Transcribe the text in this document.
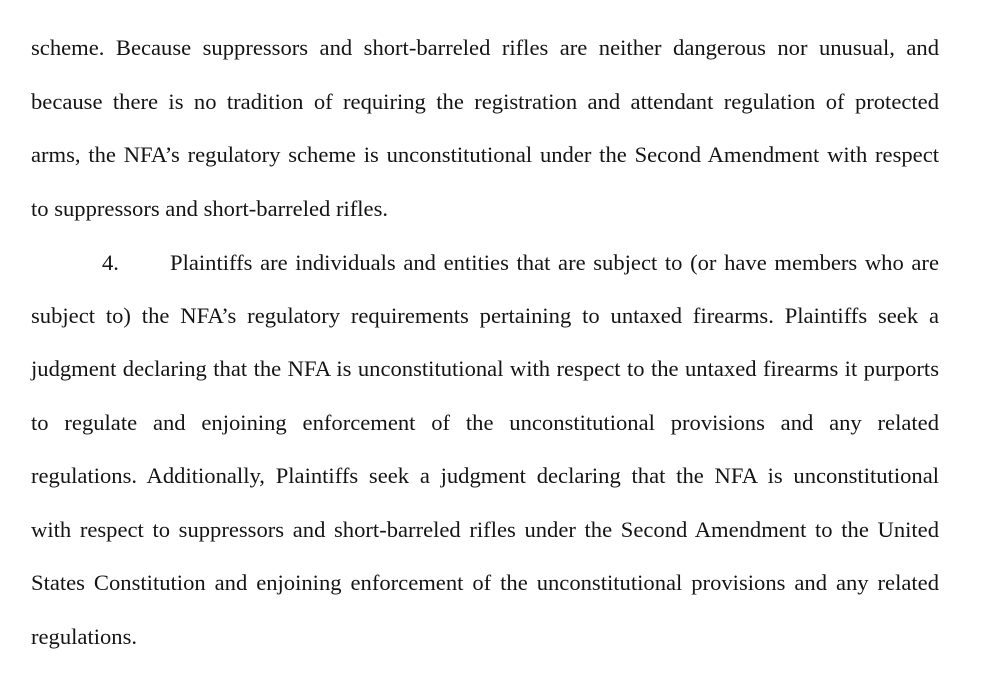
scheme. Because suppressors and short-barreled rifles are neither dangerous nor unusual, and
because there is no tradition of requiring the registration and attendant regulation of protected
arms, the NFA’s regulatory scheme is unconstitutional under the Second Amendment with respect
to suppressors and short-barreled rifles.
4. Plaintiffs are individuals and entities that are subject to (or have members who are
subject to) the NFA’s regulatory requirements pertaining to untaxed firearms. Plaintiffs seek a
judgment declaring that the NFA is unconstitutional with respect to the untaxed firearms it purports
to regulate and enjoining enforcement of the unconstitutional provisions and any related
regulations. Additionally, Plaintiffs seek a judgment declaring that the NFA is unconstitutional
with respect to suppressors and short-barreled rifles under the Second Amendment to the United
States Constitution and enjoining enforcement of the unconstitutional provisions and any related
regulations.
